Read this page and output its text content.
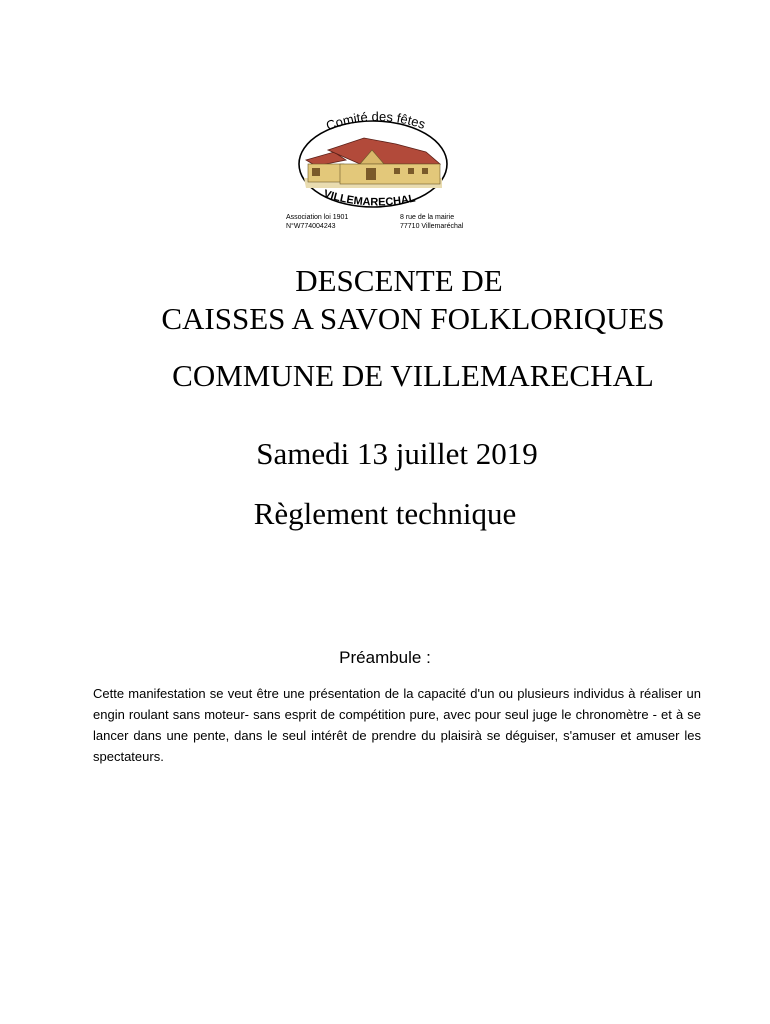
Comité des fêtes
VILLEMARECHAL
Association loi 1901
N°W774004243
8 rue de la mairie
77710 Villemaréchal
DESCENTE DE
CAISSES A SAVON FOLKLORIQUES
COMMUNE DE VILLEMARECHAL
Samedi 13 juillet 2019
Règlement technique
Préambule :
Cette manifestation se veut être une présentation de la capacité d'un ou plusieurs individus à réaliser un engin roulant sans moteur- sans esprit de compétition pure, avec pour seul juge le chronomètre - et à se lancer dans une pente, dans le seul intérêt de prendre du plaisirà se déguiser, s'amuser et amuser les spectateurs.
